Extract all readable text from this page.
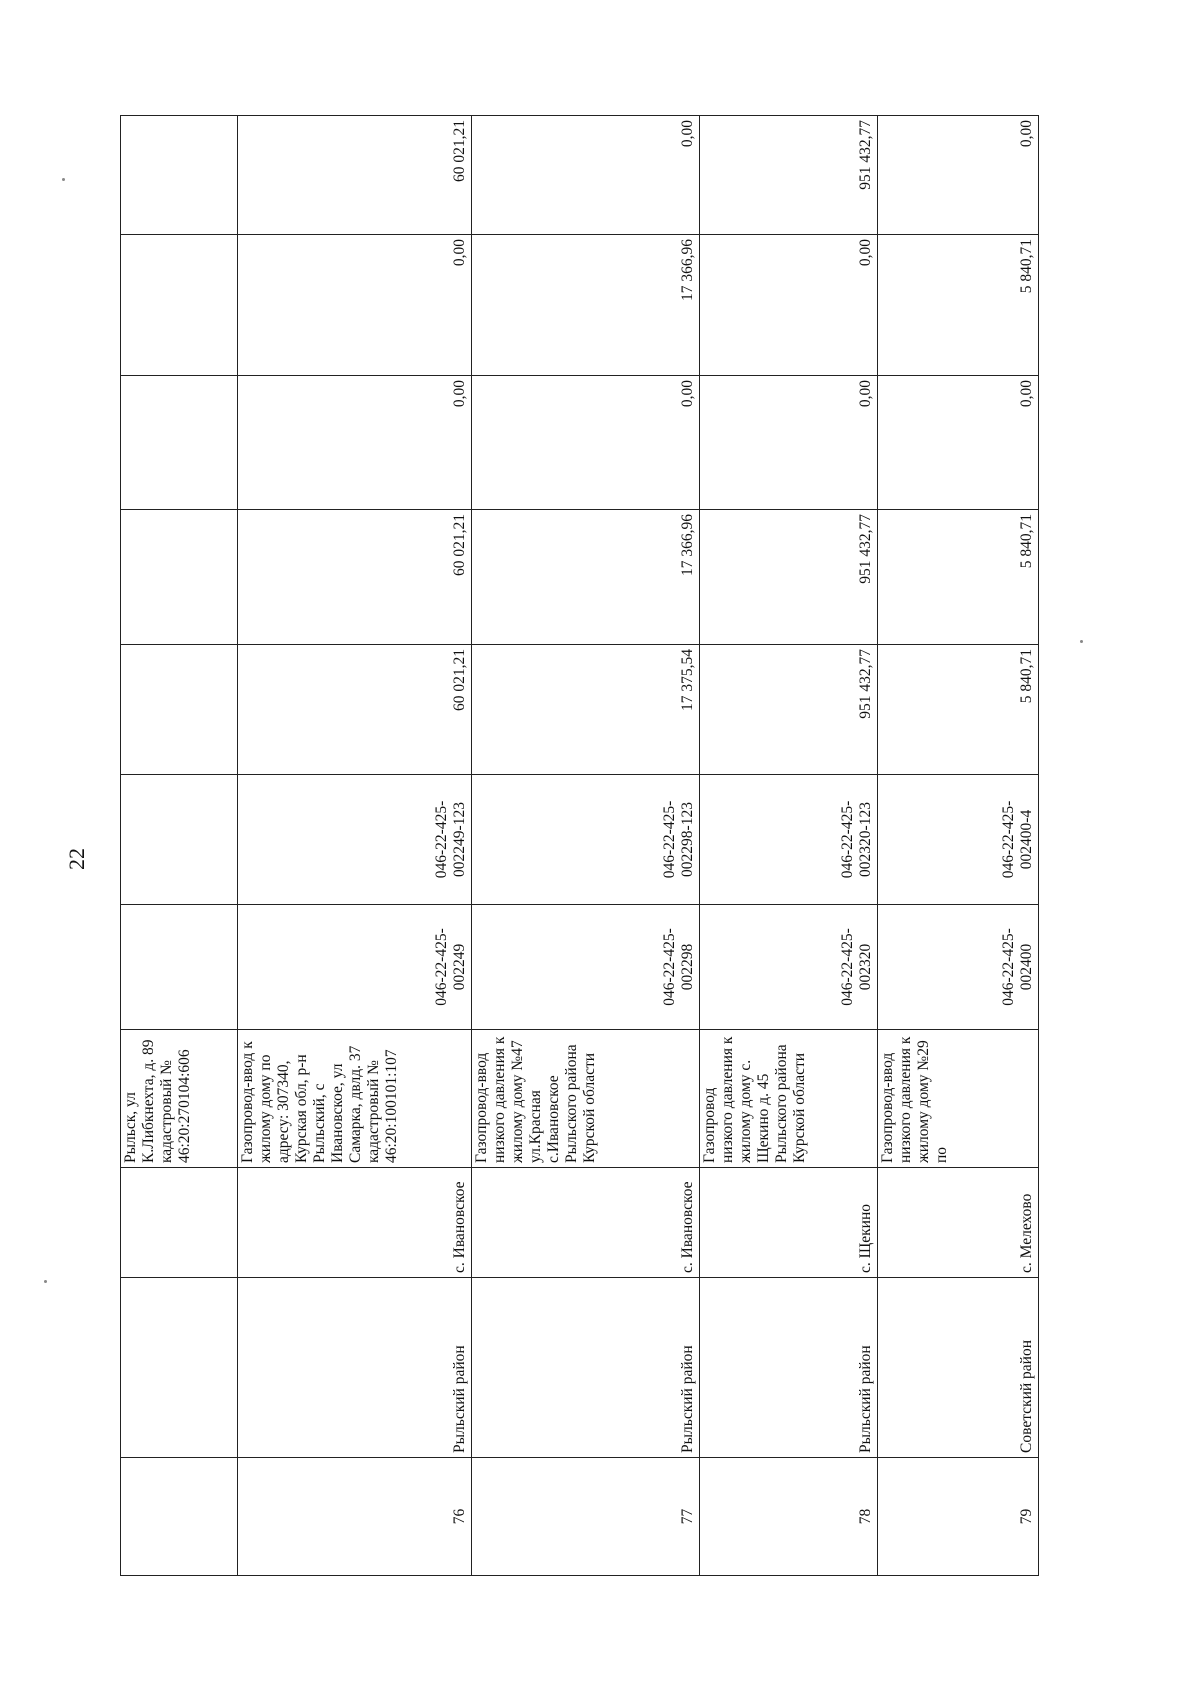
22
			Рыльск, ул К.Либкнехта, д. 89 кадастровый № 46:20:270104:606							
76	Рыльский район	с. Ивановское	Газопровод-ввод к жилому дому по адресу: 307340, Курская обл, р-н Рыльский, с Ивановское, ул Самарка, двлд. 37 кадастровый № 46:20:100101:107	046-22-425-002249	046-22-425-002249-123	60 021,21	60 021,21	0,00	0,00	60 021,21
77	Рыльский район	с. Ивановское	Газопровод-ввод низкого давления к жилому дому №47 ул.Красная с.Ивановское Рыльского района Курской области	046-22-425-002298	046-22-425-002298-123	17 375,54	17 366,96	0,00	17 366,96	0,00
78	Рыльский район	с. Щекино	Газопровод низкого давления к жилому дому с. Щекино д. 45 Рыльского района Курской области	046-22-425-002320	046-22-425-002320-123	951 432,77	951 432,77	0,00	0,00	951 432,77
79	Советский район	с. Мелехово	Газопровод-ввод низкого давления к жилому дому №29 по	046-22-425-002400	046-22-425-002400-4	5 840,71	5 840,71	0,00	5 840,71	0,00
